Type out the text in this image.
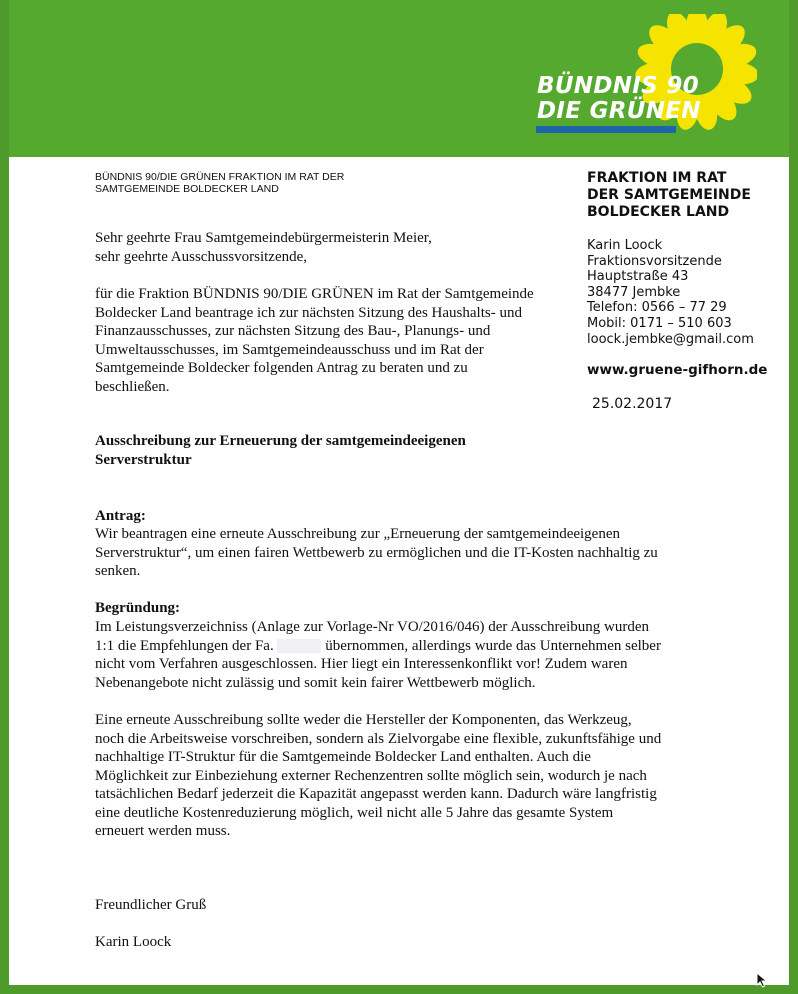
BÜNDNIS 90
DIE GRÜNEN
BÜNDNIS 90/DIE GRÜNEN FRAKTION IM RAT DER
SAMTGEMEINDE BOLDECKER LAND
FRAKTION IM RAT
DER SAMTGEMEINDE
BOLDECKER LAND
Karin Loock
Fraktionsvorsitzende
Hauptstraße 43
38477 Jembke
Telefon: 0566 – 77 29
Mobil: 0171 – 510 603
loock.jembke@gmail.com
www.gruene-gifhorn.de
25.02.2017
Sehr geehrte Frau Samtgemeindebürgermeisterin Meier,
sehr geehrte Ausschussvorsitzende,
für die Fraktion BÜNDNIS 90/DIE GRÜNEN im Rat der Samtgemeinde
Boldecker Land beantrage ich zur nächsten Sitzung des Haushalts- und
Finanzausschusses, zur nächsten Sitzung des Bau-, Planungs- und
Umweltausschusses, im Samtgemeindeausschuss und im Rat der
Samtgemeinde Boldecker folgenden Antrag zu beraten und zu
beschließen.
Ausschreibung zur Erneuerung der samtgemeindeeigenen
Serverstruktur
Antrag:
Wir beantragen eine erneute Ausschreibung zur „Erneuerung der samtgemeindeeigenen
Serverstruktur“, um einen fairen Wettbewerb zu ermöglichen und die IT-Kosten nachhaltig zu
senken.
Begründung:
Im Leistungsverzeichniss (Anlage zur Vorlage-Nr VO/2016/046) der Ausschreibung wurden
1:1 die Empfehlungen der Fa.	übernommen, allerdings wurde das Unternehmen selber
nicht vom Verfahren ausgeschlossen. Hier liegt ein Interessenkonflikt vor! Zudem waren
Nebenangebote nicht zulässig und somit kein fairer Wettbewerb möglich.
Eine erneute Ausschreibung sollte weder die Hersteller der Komponenten, das Werkzeug,
noch die Arbeitsweise vorschreiben, sondern als Zielvorgabe eine flexible, zukunftsfähige und
nachhaltige IT-Struktur für die Samtgemeinde Boldecker Land enthalten. Auch die
Möglichkeit zur Einbeziehung externer Rechenzentren sollte möglich sein, wodurch je nach
tatsächlichen Bedarf jederzeit die Kapazität angepasst werden kann. Dadurch wäre langfristig
eine deutliche Kostenreduzierung möglich, weil nicht alle 5 Jahre das gesamte System
erneuert werden muss.
Freundlicher Gruß
Karin Loock
